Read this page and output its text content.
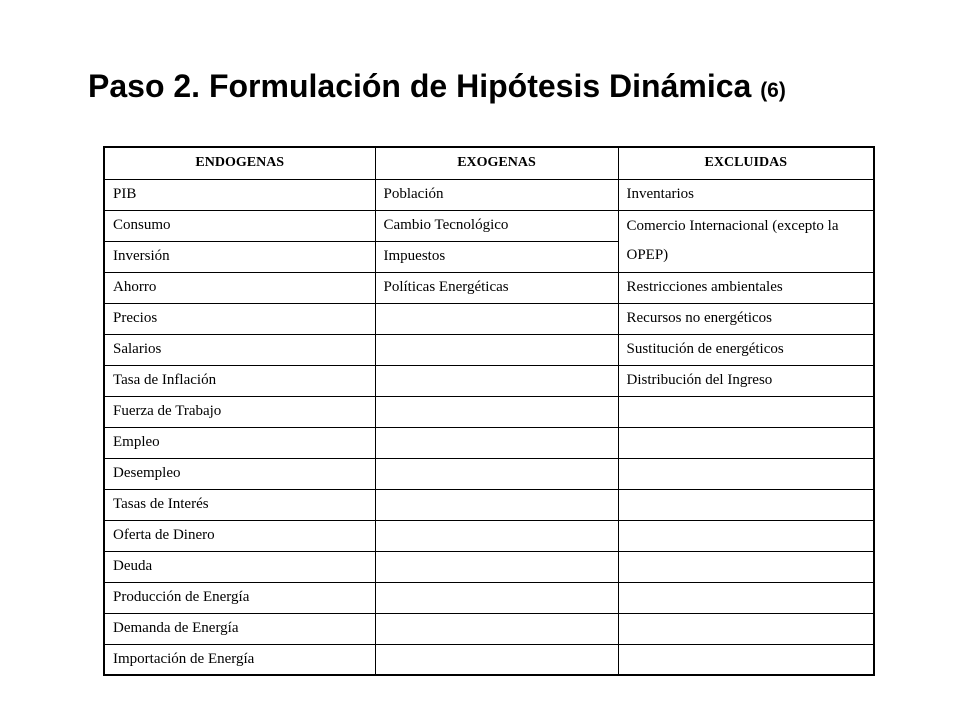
Paso 2. Formulación de Hipótesis Dinámica (6)
ENDOGENAS	EXOGENAS	EXCLUIDAS
PIB	Población	Inventarios
Consumo	Cambio Tecnológico	Comercio Internacional (excepto la OPEP)
Inversión	Impuestos	
Ahorro	Políticas Energéticas	Restricciones ambientales
Precios		Recursos no energéticos
Salarios		Sustitución de energéticos
Tasa de Inflación		Distribución del Ingreso
Fuerza de Trabajo		
Empleo		
Desempleo		
Tasas de Interés		
Oferta de Dinero		
Deuda		
Producción de Energía		
Demanda de Energía		
Importación de Energía		
